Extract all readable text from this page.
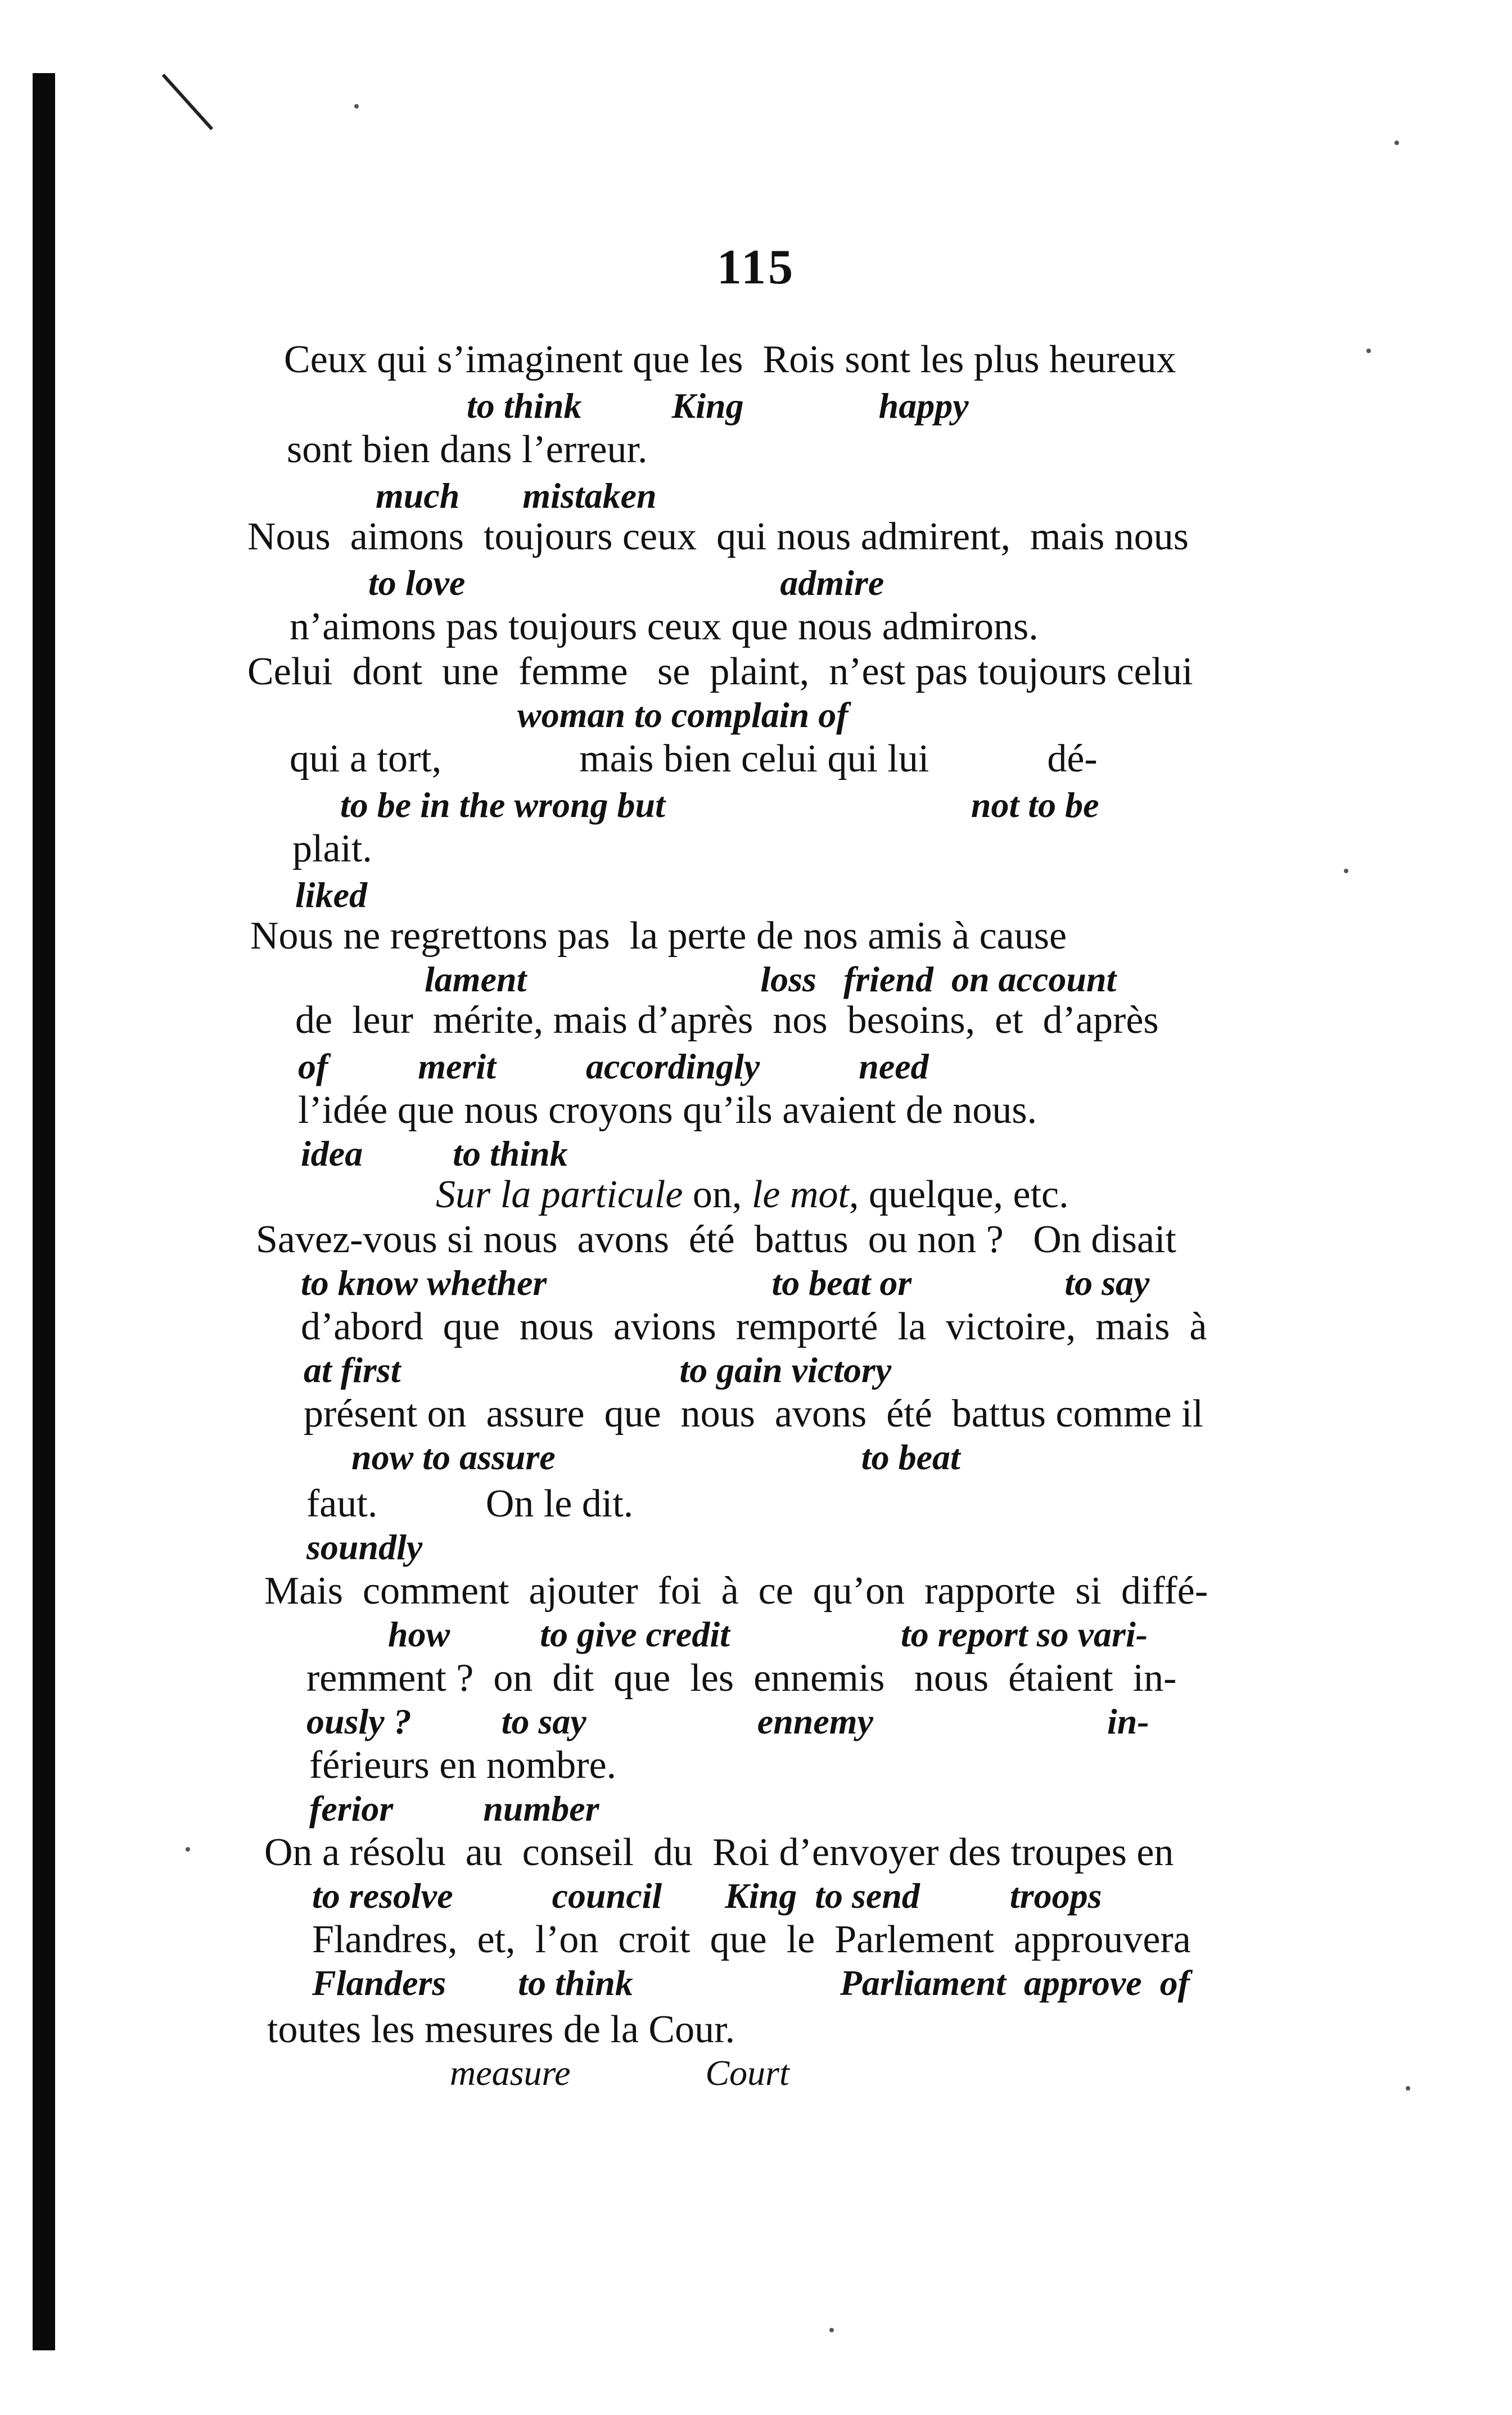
115
Ceux qui s’imaginent que les  Rois sont les plus heureux
to think          King               happy
sont bien dans l’erreur.
much       mistaken
Nous  aimons  toujours ceux  qui nous admirent,  mais nous
to love                                   admire
n’aimons pas toujours ceux que nous admirons.
Celui  dont  une  femme   se  plaint,  n’est pas toujours celui
woman to complain of
qui a tort,              mais bien celui qui lui            dé-
to be in the wrong but                                  not to be
plait.
liked
Nous ne regrettons pas  la perte de nos amis à cause
lament                          loss   friend  on account
de  leur  mérite, mais d’après  nos  besoins,  et  d’après
of          merit          accordingly           need
l’idée que nous croyons qu’ils avaient de nous.
idea          to think
Sur la particule on, le mot, quelque, etc.
Savez-vous si nous  avons  été  battus  ou non ?   On disait
to know whether                         to beat or                 to say
d’abord  que  nous  avions  remporté  la  victoire,  mais  à
at first                               to gain victory
présent on  assure  que  nous  avons  été  battus comme il
now to assure                                  to beat
faut.           On le dit.
soundly
Mais  comment  ajouter  foi  à  ce  qu’on  rapporte  si  diffé-
how          to give credit                   to report so vari-
remment ?  on  dit  que  les  ennemis   nous  étaient  in-
ously ?          to say                   ennemy                          in-
férieurs en nombre.
ferior          number
On a résolu  au  conseil  du  Roi d’envoyer des troupes en
to resolve           council       King  to send          troops
Flandres,  et,  l’on  croit  que  le  Parlement  approuvera
Flanders        to think                       Parliament  approve  of
toutes les mesures de la Cour.
measure               Court
